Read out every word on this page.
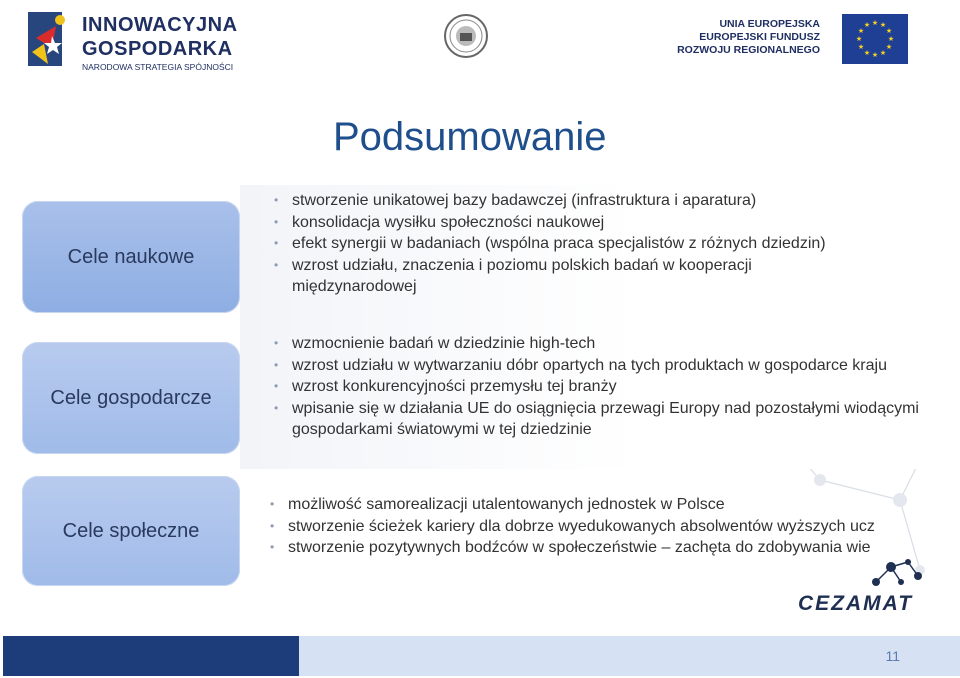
INNOWACYJNA
GOSPODARKA
NARODOWA STRATEGIA SPÓJNOŚCI
UNIA EUROPEJSKA
EUROPEJSKI FUNDUSZ
ROZWOJU REGIONALNEGO
★ ★
★
★
★
★
★
★
★
★
★
★
Podsumowanie
Cele naukowe
Cele gospodarcze
Cele społeczne
• stworzenie unikatowej bazy badawczej (infrastruktura i aparatura)
• konsolidacja wysiłku społeczności naukowej
• efekt synergii w badaniach (wspólna praca specjalistów z różnych dziedzin)
• wzrost udziału, znaczenia i poziomu polskich badań w kooperacji międzynarodowej
• wzmocnienie badań w dziedzinie high-tech
• wzrost udziału w wytwarzaniu dóbr opartych na tych produktach w gospodarce kraju
• wzrost konkurencyjności przemysłu tej branży
• wpisanie się w działania UE do osiągnięcia przewagi Europy nad pozostałymi wiodącymi gospodarkami światowymi w tej dziedzinie
• możliwość samorealizacji utalentowanych jednostek w Polsce
• stworzenie ścieżek kariery dla dobrze wyedukowanych absolwentów wyższych ucz
• stworzenie pozytywnych bodźców w społeczeństwie – zachęta do zdobywania wie
CEZAMAT
11
